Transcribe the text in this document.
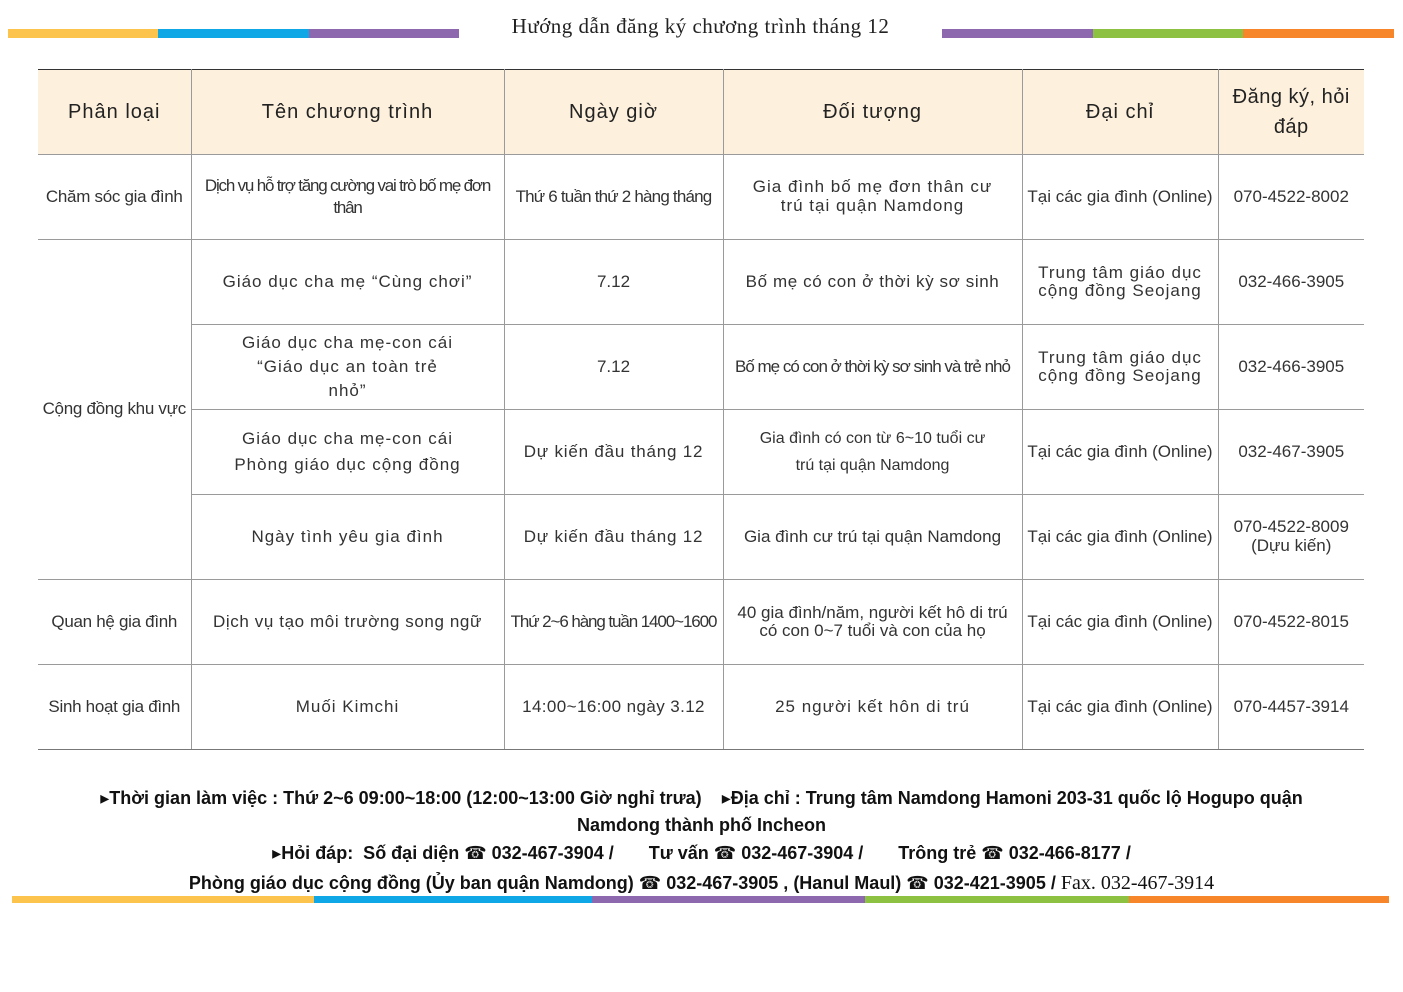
Hướng dẫn đăng ký chương trình tháng 12
Phân loại	Tên chương trình	Ngày giờ	Đối tượng	Đại chỉ	Đăng ký, hỏi đáp
Chăm sóc gia đình	Dịch vụ hỗ trợ tăng cường vai trò bố mẹ đơn thân	Thứ 6 tuần thứ 2 hàng tháng	Gia đình bố mẹ đơn thân cư trú tại quận Namdong	Tại các gia đình (Online)	070-4522-8002
Cộng đồng khu vực	Giáo dục cha mẹ “Cùng chơi”	7.12	Bố mẹ có con ở thời kỳ sơ sinh	Trung tâm giáo dục cộng đồng Seojang	032-466-3905
	Giáo dục cha mẹ-con cái “Giáo dục an toàn trẻ nhỏ”	7.12	Bố mẹ có con ở thời kỳ sơ sinh và trẻ nhỏ	Trung tâm giáo dục cộng đồng Seojang	032-466-3905
	Giáo dục cha mẹ-con cái Phòng giáo dục cộng đồng	Dự kiến đầu tháng 12	Gia đình có con từ 6~10 tuổi cư trú tại quận Namdong	Tại các gia đình (Online)	032-467-3905
	Ngày tình yêu gia đình	Dự kiến đầu tháng 12	Gia đình cư trú tại quận Namdong	Tại các gia đình (Online)	070-4522-8009 (Dựu kiến)
Quan hệ gia đình	Dịch vụ tạo môi trường song ngữ	Thứ 2~6 hàng tuần 1400~1600	40 gia đình/năm, người kết hô di trú có con 0~7 tuổi và con của họ	Tại các gia đình (Online)	070-4522-8015
Sinh hoạt gia đình	Muối Kimchi	14:00~16:00 ngày 3.12	25 người kết hôn di trú	Tại các gia đình (Online)	070-4457-3914
▸Thời gian làm việc : Thứ 2~6 09:00~18:00 (12:00~13:00 Giờ nghỉ trưa) ▸Địa chỉ : Trung tâm Namdong Hamoni 203-31 quốc lộ Hogupo quận
Namdong thành phố Incheon
▸Hỏi đáp:  Số đại diện ☎ 032-467-3904 /       Tư vấn ☎ 032-467-3904 /       Trông trẻ ☎ 032-466-8177 /
Phòng giáo dục cộng đồng (Ủy ban quận Namdong) ☎ 032-467-3905 , (Hanul Maul) ☎ 032-421-3905 / Fax. 032-467-3914
